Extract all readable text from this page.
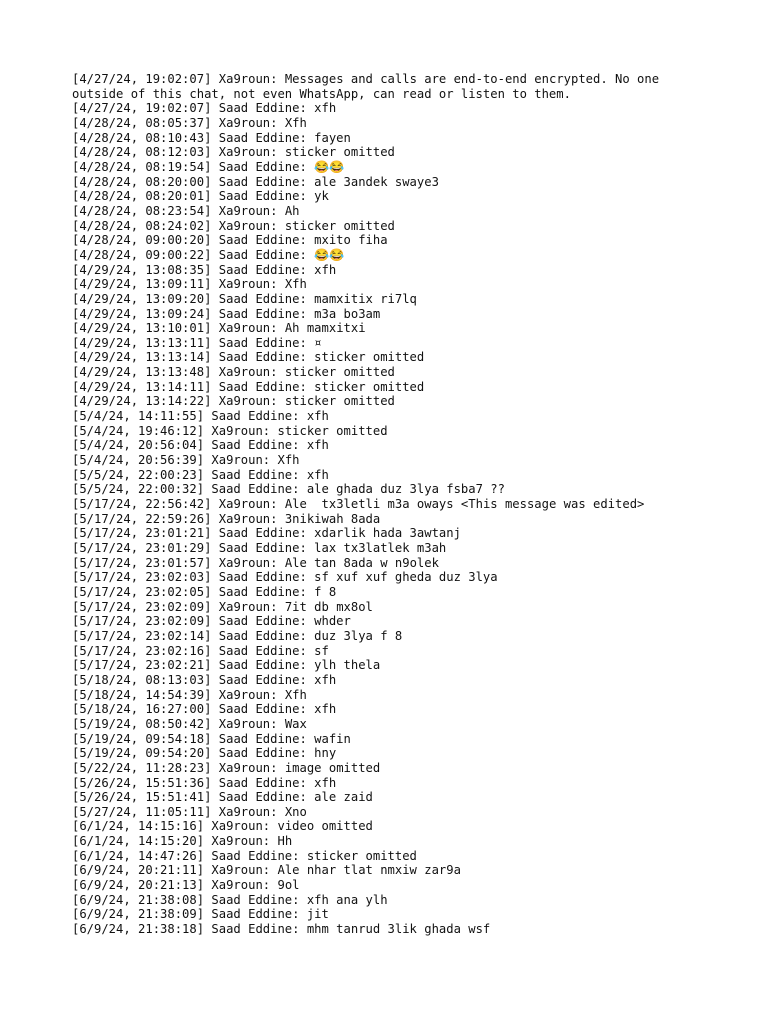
[4/27/24, 19:02:07] Xa9roun: Messages and calls are end-to-end encrypted. No one outside of this chat, not even WhatsApp, can read or listen to them.
[4/27/24, 19:02:07] Saad Eddine: xfh
[4/28/24, 08:05:37] Xa9roun: Xfh
[4/28/24, 08:10:43] Saad Eddine: fayen
[4/28/24, 08:12:03] Xa9roun: sticker omitted
[4/28/24, 08:19:54] Saad Eddine: 😂😂
[4/28/24, 08:20:00] Saad Eddine: ale 3andek swaye3
[4/28/24, 08:20:01] Saad Eddine: yk
[4/28/24, 08:23:54] Xa9roun: Ah
[4/28/24, 08:24:02] Xa9roun: sticker omitted
[4/28/24, 09:00:20] Saad Eddine: mxito fiha
[4/28/24, 09:00:22] Saad Eddine: 😂😂
[4/29/24, 13:08:35] Saad Eddine: xfh
[4/29/24, 13:09:11] Xa9roun: Xfh
[4/29/24, 13:09:20] Saad Eddine: mamxitix ri7lq
[4/29/24, 13:09:24] Saad Eddine: m3a bo3am
[4/29/24, 13:10:01] Xa9roun: Ah mamxitxi
[4/29/24, 13:13:11] Saad Eddine: ¤
[4/29/24, 13:13:14] Saad Eddine: sticker omitted
[4/29/24, 13:13:48] Xa9roun: sticker omitted
[4/29/24, 13:14:11] Saad Eddine: sticker omitted
[4/29/24, 13:14:22] Xa9roun: sticker omitted
[5/4/24, 14:11:55] Saad Eddine: xfh
[5/4/24, 19:46:12] Xa9roun: sticker omitted
[5/4/24, 20:56:04] Saad Eddine: xfh
[5/4/24, 20:56:39] Xa9roun: Xfh
[5/5/24, 22:00:23] Saad Eddine: xfh
[5/5/24, 22:00:32] Saad Eddine: ale ghada duz 3lya fsba7 ??
[5/17/24, 22:56:42] Xa9roun: Ale  tx3letli m3a oways <This message was edited>
[5/17/24, 22:59:26] Xa9roun: 3nikiwah 8ada
[5/17/24, 23:01:21] Saad Eddine: xdarlik hada 3awtanj
[5/17/24, 23:01:29] Saad Eddine: lax tx3latlek m3ah
[5/17/24, 23:01:57] Xa9roun: Ale tan 8ada w n9olek
[5/17/24, 23:02:03] Saad Eddine: sf xuf xuf gheda duz 3lya
[5/17/24, 23:02:05] Saad Eddine: f 8
[5/17/24, 23:02:09] Xa9roun: 7it db mx8ol
[5/17/24, 23:02:09] Saad Eddine: whder
[5/17/24, 23:02:14] Saad Eddine: duz 3lya f 8
[5/17/24, 23:02:16] Saad Eddine: sf
[5/17/24, 23:02:21] Saad Eddine: ylh thela
[5/18/24, 08:13:03] Saad Eddine: xfh
[5/18/24, 14:54:39] Xa9roun: Xfh
[5/18/24, 16:27:00] Saad Eddine: xfh
[5/19/24, 08:50:42] Xa9roun: Wax
[5/19/24, 09:54:18] Saad Eddine: wafin
[5/19/24, 09:54:20] Saad Eddine: hny
[5/22/24, 11:28:23] Xa9roun: image omitted
[5/26/24, 15:51:36] Saad Eddine: xfh
[5/26/24, 15:51:41] Saad Eddine: ale zaid
[5/27/24, 11:05:11] Xa9roun: Xno
[6/1/24, 14:15:16] Xa9roun: video omitted
[6/1/24, 14:15:20] Xa9roun: Hh
[6/1/24, 14:47:26] Saad Eddine: sticker omitted
[6/9/24, 20:21:11] Xa9roun: Ale nhar tlat nmxiw zar9a
[6/9/24, 20:21:13] Xa9roun: 9ol
[6/9/24, 21:38:08] Saad Eddine: xfh ana ylh
[6/9/24, 21:38:09] Saad Eddine: jit
[6/9/24, 21:38:18] Saad Eddine: mhm tanrud 3lik ghada wsf
